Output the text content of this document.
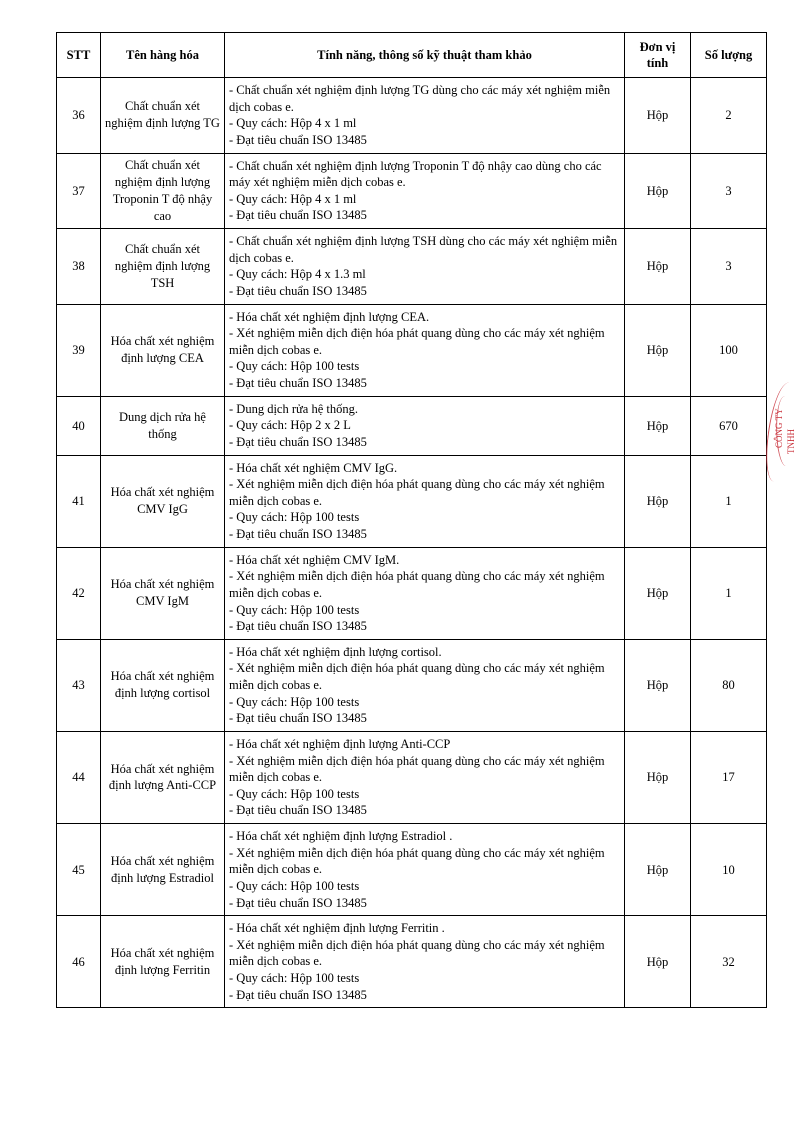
STT	Tên hàng hóa	Tính năng, thông số kỹ thuật tham khảo	Đơn vị tính	Số lượng
36	Chất chuẩn xét nghiệm định lượng TG	- Chất chuẩn xét nghiệm định lượng TG dùng cho các máy xét nghiệm miễn dịch cobas e.
- Quy cách: Hộp 4 x 1 ml
- Đạt tiêu chuẩn ISO 13485	Hộp	2
37	Chất chuẩn xét nghiệm định lượng Troponin T độ nhậy cao	- Chất chuẩn xét nghiệm định lượng Troponin T độ nhậy cao dùng cho các máy xét nghiệm miễn dịch cobas e.
- Quy cách: Hộp 4 x 1 ml
- Đạt tiêu chuẩn ISO 13485	Hộp	3
38	Chất chuẩn xét nghiệm định lượng TSH	- Chất chuẩn xét nghiệm định lượng TSH dùng cho các máy xét nghiệm miễn dịch cobas e.
- Quy cách: Hộp 4 x 1.3 ml
- Đạt tiêu chuẩn ISO 13485	Hộp	3
39	Hóa chất xét nghiệm định lượng CEA	- Hóa chất xét nghiệm định lượng CEA.
- Xét nghiệm miễn dịch điện hóa phát quang dùng cho các máy xét nghiệm miễn dịch cobas e.
- Quy cách: Hộp 100 tests
- Đạt tiêu chuẩn ISO 13485	Hộp	100
40	Dung dịch rửa hệ thống	- Dung dịch rửa hệ thống.
- Quy cách: Hộp 2 x 2 L
- Đạt tiêu chuẩn ISO 13485	Hộp	670
41	Hóa chất xét nghiệm CMV IgG	- Hóa chất xét nghiệm CMV IgG.
- Xét nghiệm miễn dịch điện hóa phát quang dùng cho các máy xét nghiệm miễn dịch cobas e.
- Quy cách: Hộp 100 tests
- Đạt tiêu chuẩn ISO 13485	Hộp	1
42	Hóa chất xét nghiệm CMV IgM	- Hóa chất xét nghiệm CMV IgM.
- Xét nghiệm miễn dịch điện hóa phát quang dùng cho các máy xét nghiệm miễn dịch cobas e.
- Quy cách: Hộp 100 tests
- Đạt tiêu chuẩn ISO 13485	Hộp	1
43	Hóa chất xét nghiệm định lượng cortisol	- Hóa chất xét nghiệm định lượng cortisol.
- Xét nghiệm miễn dịch điện hóa phát quang dùng cho các máy xét nghiệm miễn dịch cobas e.
- Quy cách: Hộp 100 tests
- Đạt tiêu chuẩn ISO 13485	Hộp	80
44	Hóa chất xét nghiệm định lượng Anti-CCP	- Hóa chất xét nghiệm định lượng Anti-CCP
- Xét nghiệm miễn dịch điện hóa phát quang dùng cho các máy xét nghiệm miễn dịch cobas e.
- Quy cách: Hộp 100 tests
- Đạt tiêu chuẩn ISO 13485	Hộp	17
45	Hóa chất xét nghiệm định lượng Estradiol	- Hóa chất xét nghiệm định lượng Estradiol .
- Xét nghiệm miễn dịch điện hóa phát quang dùng cho các máy xét nghiệm miễn dịch cobas e.
- Quy cách: Hộp 100 tests
- Đạt tiêu chuẩn ISO 13485	Hộp	10
46	Hóa chất xét nghiệm định lượng Ferritin	- Hóa chất xét nghiệm định lượng Ferritin .
- Xét nghiệm miễn dịch điện hóa phát quang dùng cho các máy xét nghiệm miễn dịch cobas e.
- Quy cách: Hộp 100 tests
- Đạt tiêu chuẩn ISO 13485	Hộp	32
CÔNG TY TNHH
